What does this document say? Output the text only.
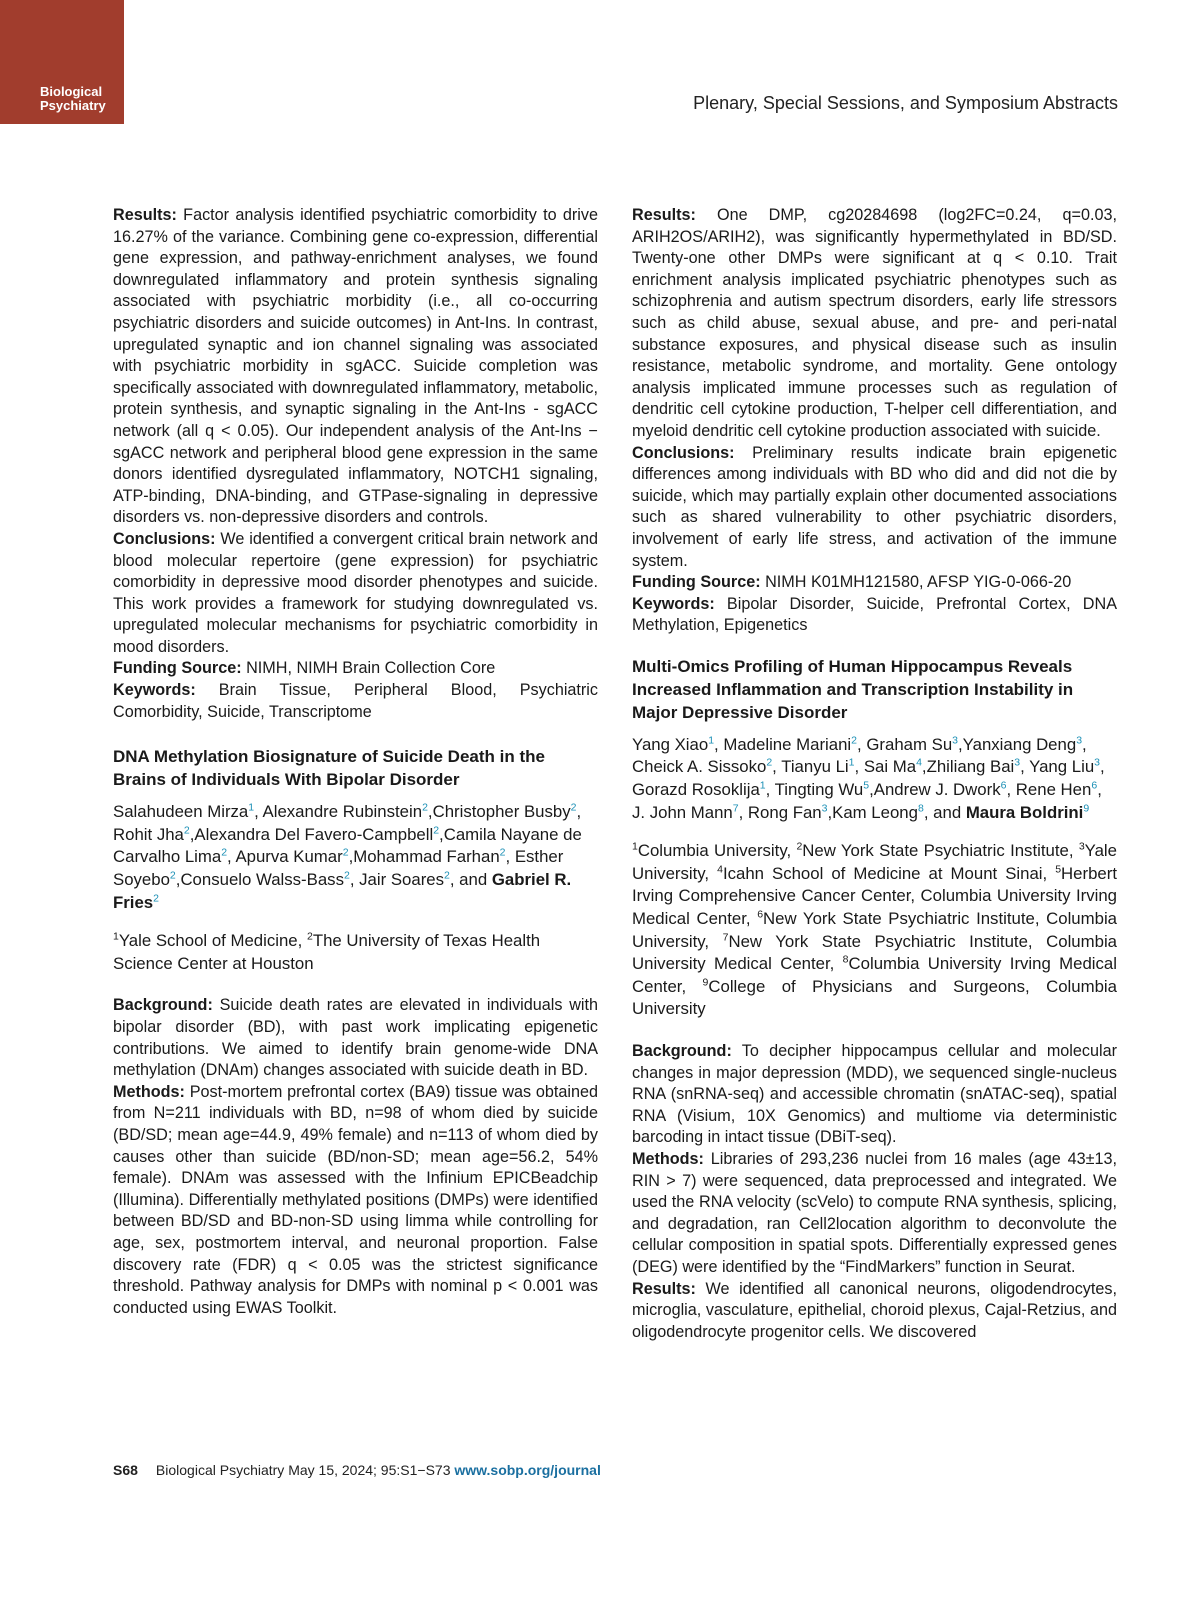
Biological
Psychiatry	Plenary, Special Sessions, and Symposium Abstracts

Results: Factor analysis identified psychiatric comorbidity to drive 16.27% of the variance. Combining gene co-expression, differential gene expression, and pathway-enrichment analyses, we found downregulated inflammatory and protein synthesis signaling associated with psychiatric morbidity (i.e., all co-occurring psychiatric disorders and suicide outcomes) in Ant-Ins. In contrast, upregulated synaptic and ion channel signaling was associated with psychiatric morbidity in sgACC. Suicide completion was specifically associated with downregulated inflammatory, metabolic, protein synthesis, and synaptic signaling in the Ant-Ins - sgACC network (all q < 0.05). Our independent analysis of the Ant-Ins − sgACC network and peripheral blood gene expression in the same donors identified dysregulated inflammatory, NOTCH1 signaling, ATP-binding, DNA-binding, and GTPase-signaling in depressive disorders vs. non-depressive disorders and controls.

Conclusions: We identified a convergent critical brain network and blood molecular repertoire (gene expression) for psychiatric comorbidity in depressive mood disorder phenotypes and suicide. This work provides a framework for studying downregulated vs. upregulated molecular mechanisms for psychiatric comorbidity in mood disorders.

Funding Source: NIMH, NIMH Brain Collection Core

Keywords: Brain Tissue, Peripheral Blood, Psychiatric Comorbidity, Suicide, Transcriptome

DNA Methylation Biosignature of Suicide Death in the Brains of Individuals With Bipolar Disorder

Salahudeen Mirza$^1$, Alexandre Rubinstein$^2$,Christopher Busby$^2$, Rohit Jha$^2$,Alexandra Del Favero-Campbell$^2$,Camila Nayane de Carvalho Lima$^2$, Apurva Kumar$^2$,Mohammad Farhan$^2$, Esther Soyebo$^2$,Consuelo Walss-Bass$^2$, Jair Soares$^2$, and Gabriel R. Fries$^2$

$^1$Yale School of Medicine, $^2$The University of Texas Health Science Center at Houston

Background: Suicide death rates are elevated in individuals with bipolar disorder (BD), with past work implicating epigenetic contributions. We aimed to identify brain genome-wide DNA methylation (DNAm) changes associated with suicide death in BD.

Methods: Post-mortem prefrontal cortex (BA9) tissue was obtained from N=211 individuals with BD, n=98 of whom died by suicide (BD/SD; mean age=44.9, 49% female) and n=113 of whom died by causes other than suicide (BD/non-SD; mean age=56.2, 54% female). DNAm was assessed with the Infinium EPICBeadchip (Illumina). Differentially methylated positions (DMPs) were identified between BD/SD and BD-non-SD using limma while controlling for age, sex, postmortem interval, and neuronal proportion. False discovery rate (FDR) q < 0.05 was the strictest significance threshold. Pathway analysis for DMPs with nominal p < 0.001 was conducted using EWAS Toolkit.

Results: One DMP, cg20284698 (log2FC=0.24, q=0.03, ARIH2OS/ARIH2), was significantly hypermethylated in BD/SD. Twenty-one other DMPs were significant at q < 0.10. Trait enrichment analysis implicated psychiatric phenotypes such as schizophrenia and autism spectrum disorders, early life stressors such as child abuse, sexual abuse, and pre- and peri-natal substance exposures, and physical disease such as insulin resistance, metabolic syndrome, and mortality. Gene ontology analysis implicated immune processes such as regulation of dendritic cell cytokine production, T-helper cell differentiation, and myeloid dendritic cell cytokine production associated with suicide.

Conclusions: Preliminary results indicate brain epigenetic differences among individuals with BD who did and did not die by suicide, which may partially explain other documented associations such as shared vulnerability to other psychiatric disorders, involvement of early life stress, and activation of the immune system.

Funding Source: NIMH K01MH121580, AFSP YIG-0-066-20

Keywords: Bipolar Disorder, Suicide, Prefrontal Cortex, DNA Methylation, Epigenetics

Multi-Omics Profiling of Human Hippocampus Reveals Increased Inflammation and Transcription Instability in Major Depressive Disorder

Yang Xiao$^1$, Madeline Mariani$^2$, Graham Su$^3$,Yanxiang Deng$^3$, Cheick A. Sissoko$^2$, Tianyu Li$^1$, Sai Ma$^4$,Zhiliang Bai$^3$, Yang Liu$^3$, Gorazd Rosoklija$^1$, Tingting Wu$^5$,Andrew J. Dwork$^6$, Rene Hen$^6$, J. John Mann$^7$, Rong Fan$^3$,Kam Leong$^8$, and Maura Boldrini$^9$

$^1$Columbia University, $^2$New York State Psychiatric Institute, $^3$Yale University, $^4$Icahn School of Medicine at Mount Sinai, $^5$Herbert Irving Comprehensive Cancer Center, Columbia University Irving Medical Center, $^6$New York State Psychiatric Institute, Columbia University, $^7$New York State Psychiatric Institute, Columbia University Medical Center, $^8$Columbia University Irving Medical Center, $^9$College of Physicians and Surgeons, Columbia University

Background: To decipher hippocampus cellular and molecular changes in major depression (MDD), we sequenced single-nucleus RNA (snRNA-seq) and accessible chromatin (snATAC-seq), spatial RNA (Visium, 10X Genomics) and multiome via deterministic barcoding in intact tissue (DBiT-seq).

Methods: Libraries of 293,236 nuclei from 16 males (age 43±13, RIN > 7) were sequenced, data preprocessed and integrated. We used the RNA velocity (scVelo) to compute RNA synthesis, splicing, and degradation, ran Cell2location algorithm to deconvolute the cellular composition in spatial spots. Differentially expressed genes (DEG) were identified by the “FindMarkers” function in Seurat.

Results: We identified all canonical neurons, oligodendrocytes, microglia, vasculature, epithelial, choroid plexus, Cajal-Retzius, and oligodendrocyte progenitor cells. We discovered

S68 Biological Psychiatry May 15, 2024; 95:S1−S73 www.sobp.org/journal
